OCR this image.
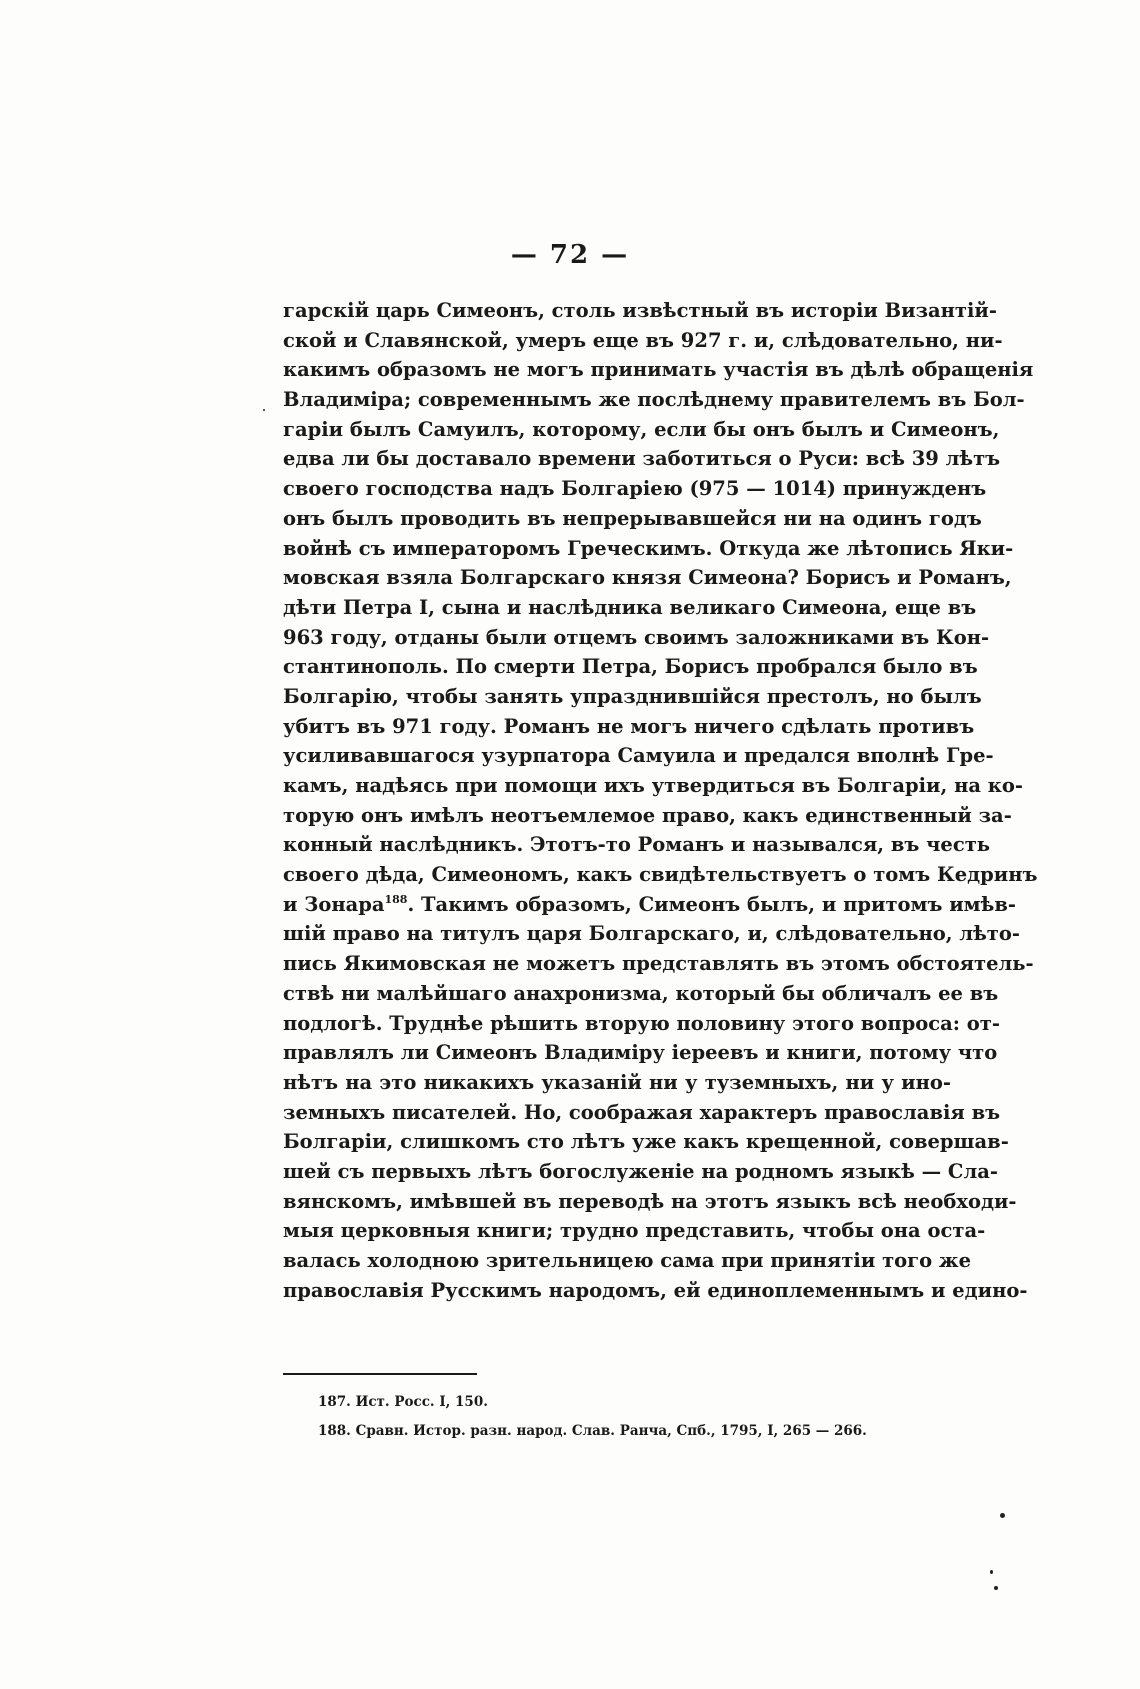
— 72 —
гарскій царь Симеонъ, столь извѣстный въ исторіи Византій-
ской и Славянской, умеръ еще въ 927 г. и, слѣдовательно, ни-
какимъ образомъ не могъ принимать участія въ дѣлѣ обращенія
Владиміра; современнымъ же послѣднему правителемъ въ Бол-
гаріи былъ Самуилъ, которому, если бы онъ былъ и Симеонъ,
едва ли бы доставало времени заботиться о Руси: всѣ 39 лѣтъ
своего господства надъ Болгаріею (975 — 1014) принужденъ
онъ былъ проводить въ непрерывавшейся ни на одинъ годъ
войнѣ съ императоромъ Греческимъ. Откуда же лѣтопись Яки-
мовская взяла Болгарскаго князя Симеона? Борисъ и Романъ,
дѣти Петра I, сына и наслѣдника великаго Симеона, еще въ
963 году, отданы были отцемъ своимъ заложниками въ Кон-
стантинополь. По смерти Петра, Борисъ пробрался было въ
Болгарію, чтобы занять упразднившійся престолъ, но былъ
убитъ въ 971 году. Романъ не могъ ничего сдѣлать противъ
усиливавшагося узурпатора Самуила и предался вполнѣ Гре-
камъ, надѣясь при помощи ихъ утвердиться въ Болгаріи, на ко-
торую онъ имѣлъ неотъемлемое право, какъ единственный за-
конный наслѣдникъ. Этотъ-то Романъ и назывался, въ честь
своего дѣда, Симеономъ, какъ свидѣтельствуетъ о томъ Кедринъ
и Зонара$^{188}$. Такимъ образомъ, Симеонъ былъ, и притомъ имѣв-
шій право на титулъ царя Болгарскаго, и, слѣдовательно, лѣто-
пись Якимовская не можетъ представлять въ этомъ обстоятель-
ствѣ ни малѣйшаго анахронизма, который бы обличалъ ее въ
подлогѣ. Труднѣе рѣшить вторую половину этого вопроса: от-
правлялъ ли Симеонъ Владиміру іереевъ и книги, потому что
нѣтъ на это никакихъ указаній ни у туземныхъ, ни у ино-
земныхъ писателей. Но, соображая характеръ православія въ
Болгаріи, слишкомъ сто лѣтъ уже какъ крещенной, совершав-
шей съ первыхъ лѣтъ богослуженіе на родномъ языкѣ — Сла-
вянскомъ, имѣвшей въ переводѣ на этотъ языкъ всѣ необходи-
мыя церковныя книги; трудно представить, чтобы она оста-
валась холодною зрительницею сама при принятіи того же
православія Русскимъ народомъ, ей единоплеменнымъ и едино-
187. Ист. Росс. I, 150.
188. Сравн. Истор. разн. народ. Слав. Ранча, Спб., 1795, I, 265 — 266.
